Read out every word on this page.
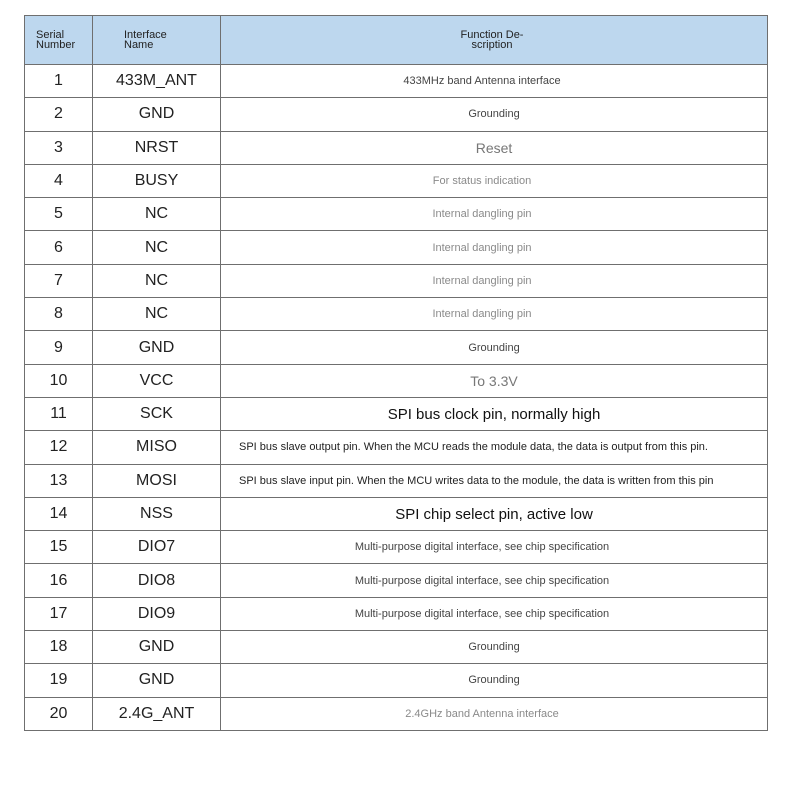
Serial
Number	Interface
Name	Function De-
scription
1	433M_ANT	433MHz band Antenna interface
2	GND	Grounding
3	NRST	Reset
4	BUSY	For status indication
5	NC	Internal dangling pin
6	NC	Internal dangling pin
7	NC	Internal dangling pin
8	NC	Internal dangling pin
9	GND	Grounding
10	VCC	To 3.3V
11	SCK	SPI bus clock pin, normally high
12	MISO	SPI bus slave output pin. When the MCU reads the module data, the data is output from this pin.
13	MOSI	SPI bus slave input pin. When the MCU writes data to the module, the data is written from this pin
14	NSS	SPI chip select pin, active low
15	DIO7	Multi-purpose digital interface, see chip specification
16	DIO8	Multi-purpose digital interface, see chip specification
17	DIO9	Multi-purpose digital interface, see chip specification
18	GND	Grounding
19	GND	Grounding
20	2.4G_ANT	2.4GHz band Antenna interface
